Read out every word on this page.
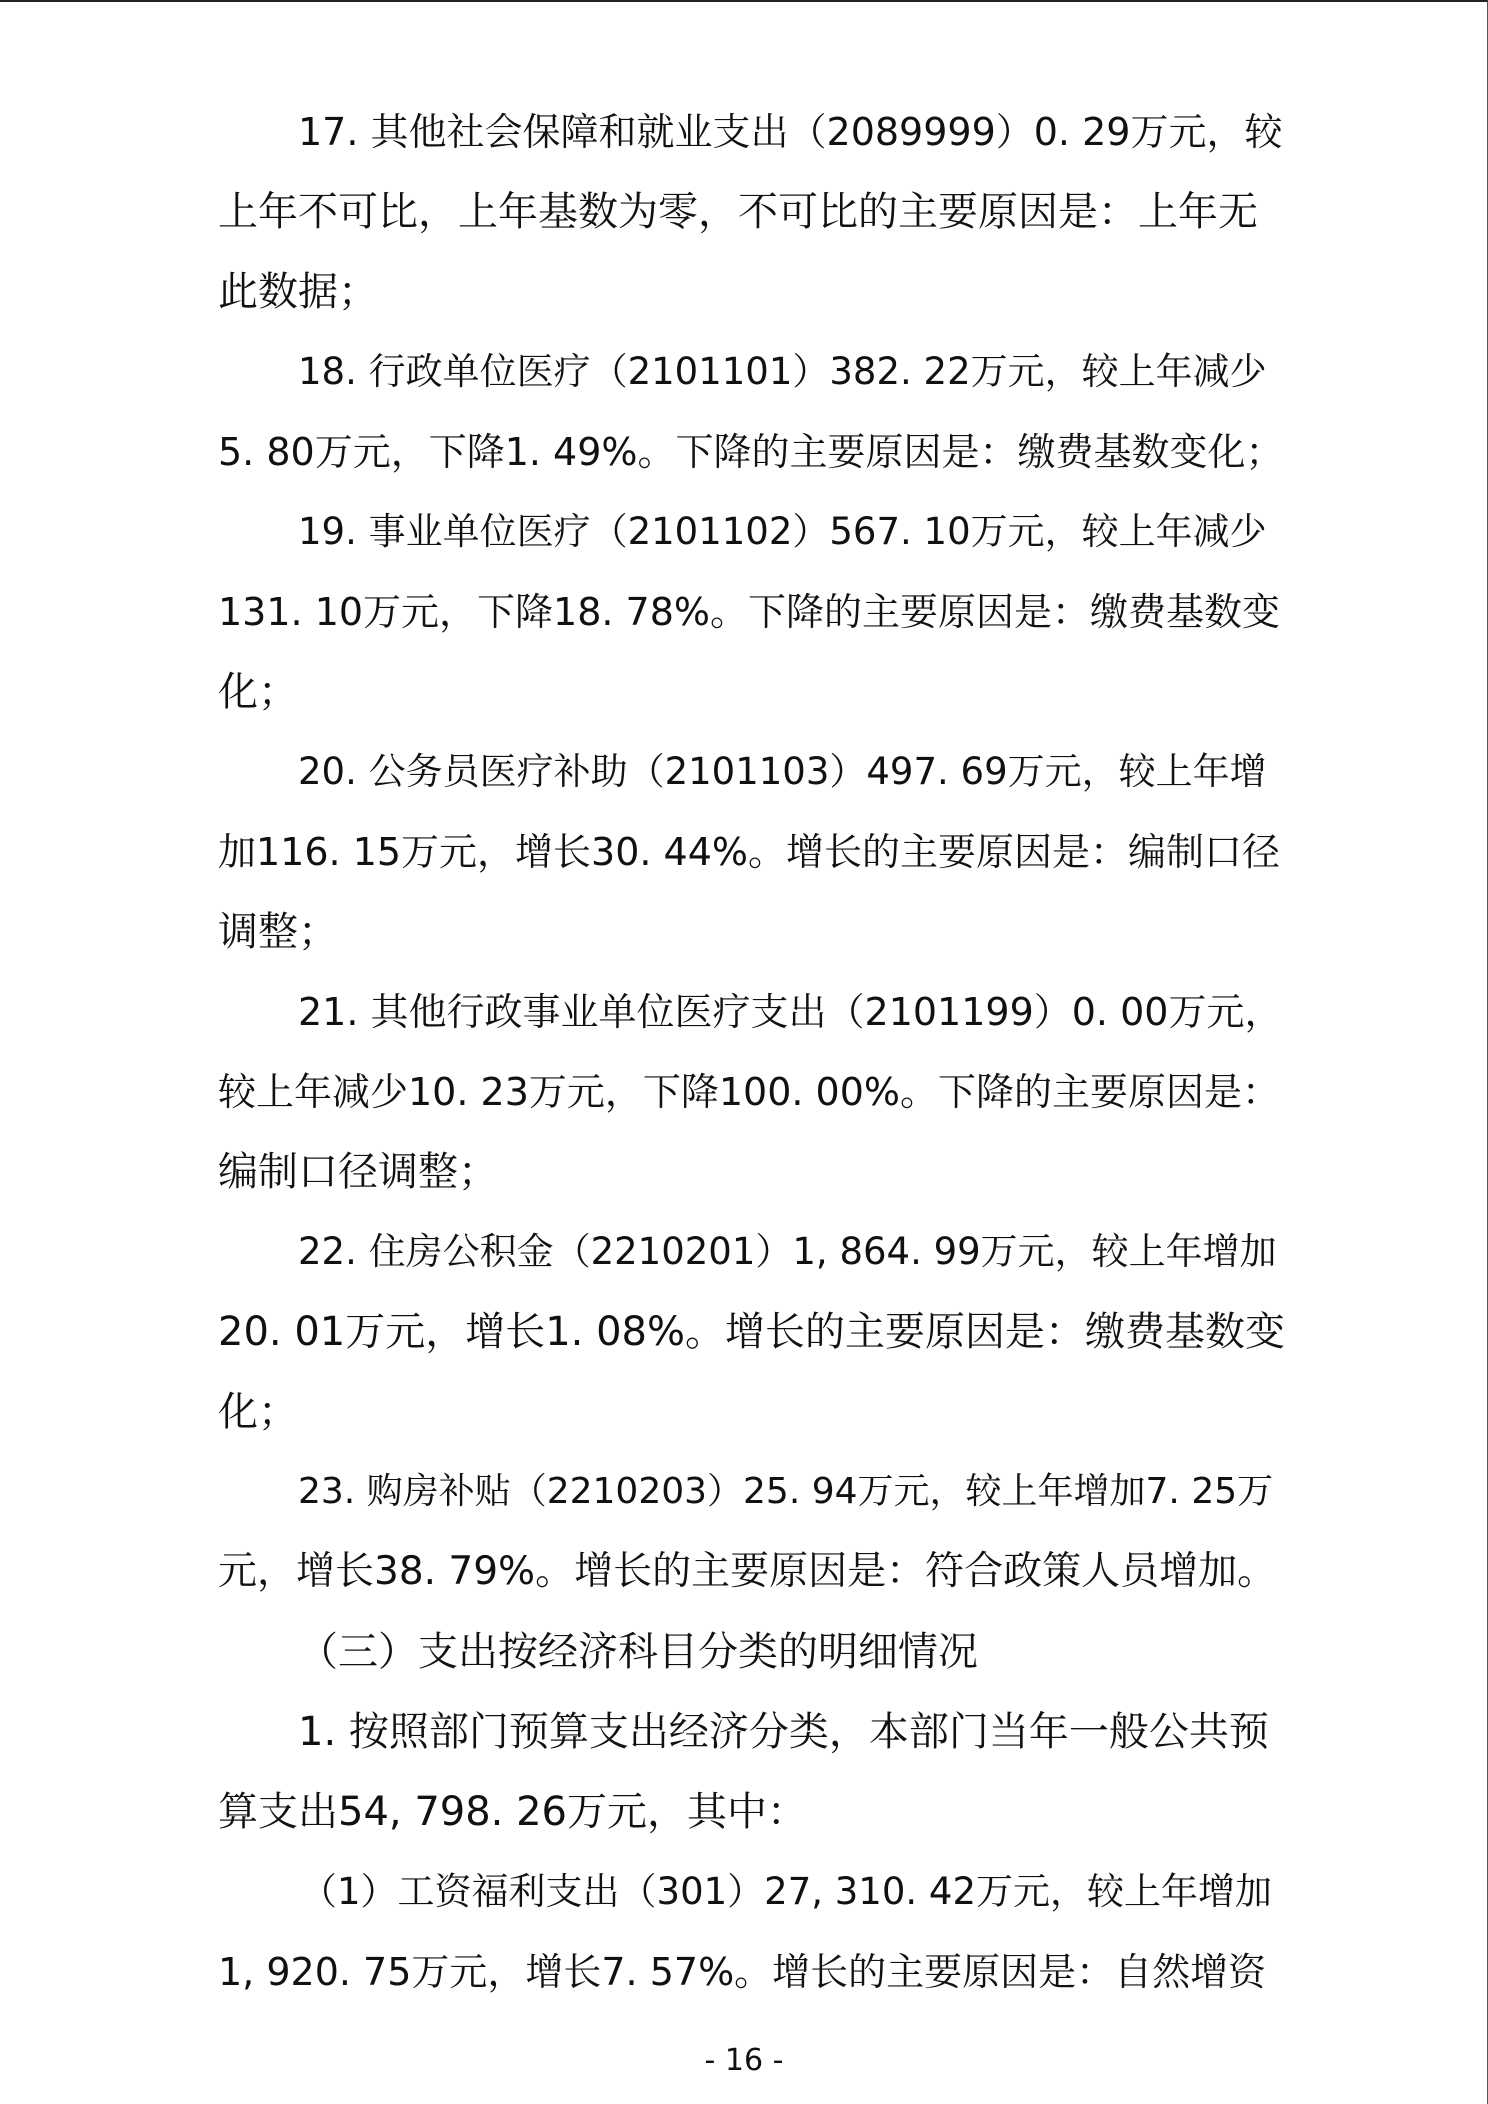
17. 其他社会保障和就业支出（2089999）0. 29万元，较
上年不可比，上年基数为零，不可比的主要原因是：上年无
此数据；
18. 行政单位医疗（2101101）382. 22万元，较上年减少
5. 80万元，下降1. 49%。下降的主要原因是：缴费基数变化；
19. 事业单位医疗（2101102）567. 10万元，较上年减少
131. 10万元，下降18. 78%。下降的主要原因是：缴费基数变
化；
20. 公务员医疗补助（2101103）497. 69万元，较上年增
加116. 15万元，增长30. 44%。增长的主要原因是：编制口径
调整；
21. 其他行政事业单位医疗支出（2101199）0. 00万元，
较上年减少10. 23万元，下降100. 00%。下降的主要原因是：
编制口径调整；
22. 住房公积金（2210201）1, 864. 99万元，较上年增加
20. 01万元，增长1. 08%。增长的主要原因是：缴费基数变
化；
23. 购房补贴（2210203）25. 94万元，较上年增加7. 25万
元，增长38. 79%。增长的主要原因是：符合政策人员增加。
（三）支出按经济科目分类的明细情况
1. 按照部门预算支出经济分类，本部门当年一般公共预
算支出54, 798. 26万元，其中：
（1）工资福利支出（301）27, 310. 42万元，较上年增加
1, 920. 75万元，增长7. 57%。增长的主要原因是：自然增资
- 16 -
